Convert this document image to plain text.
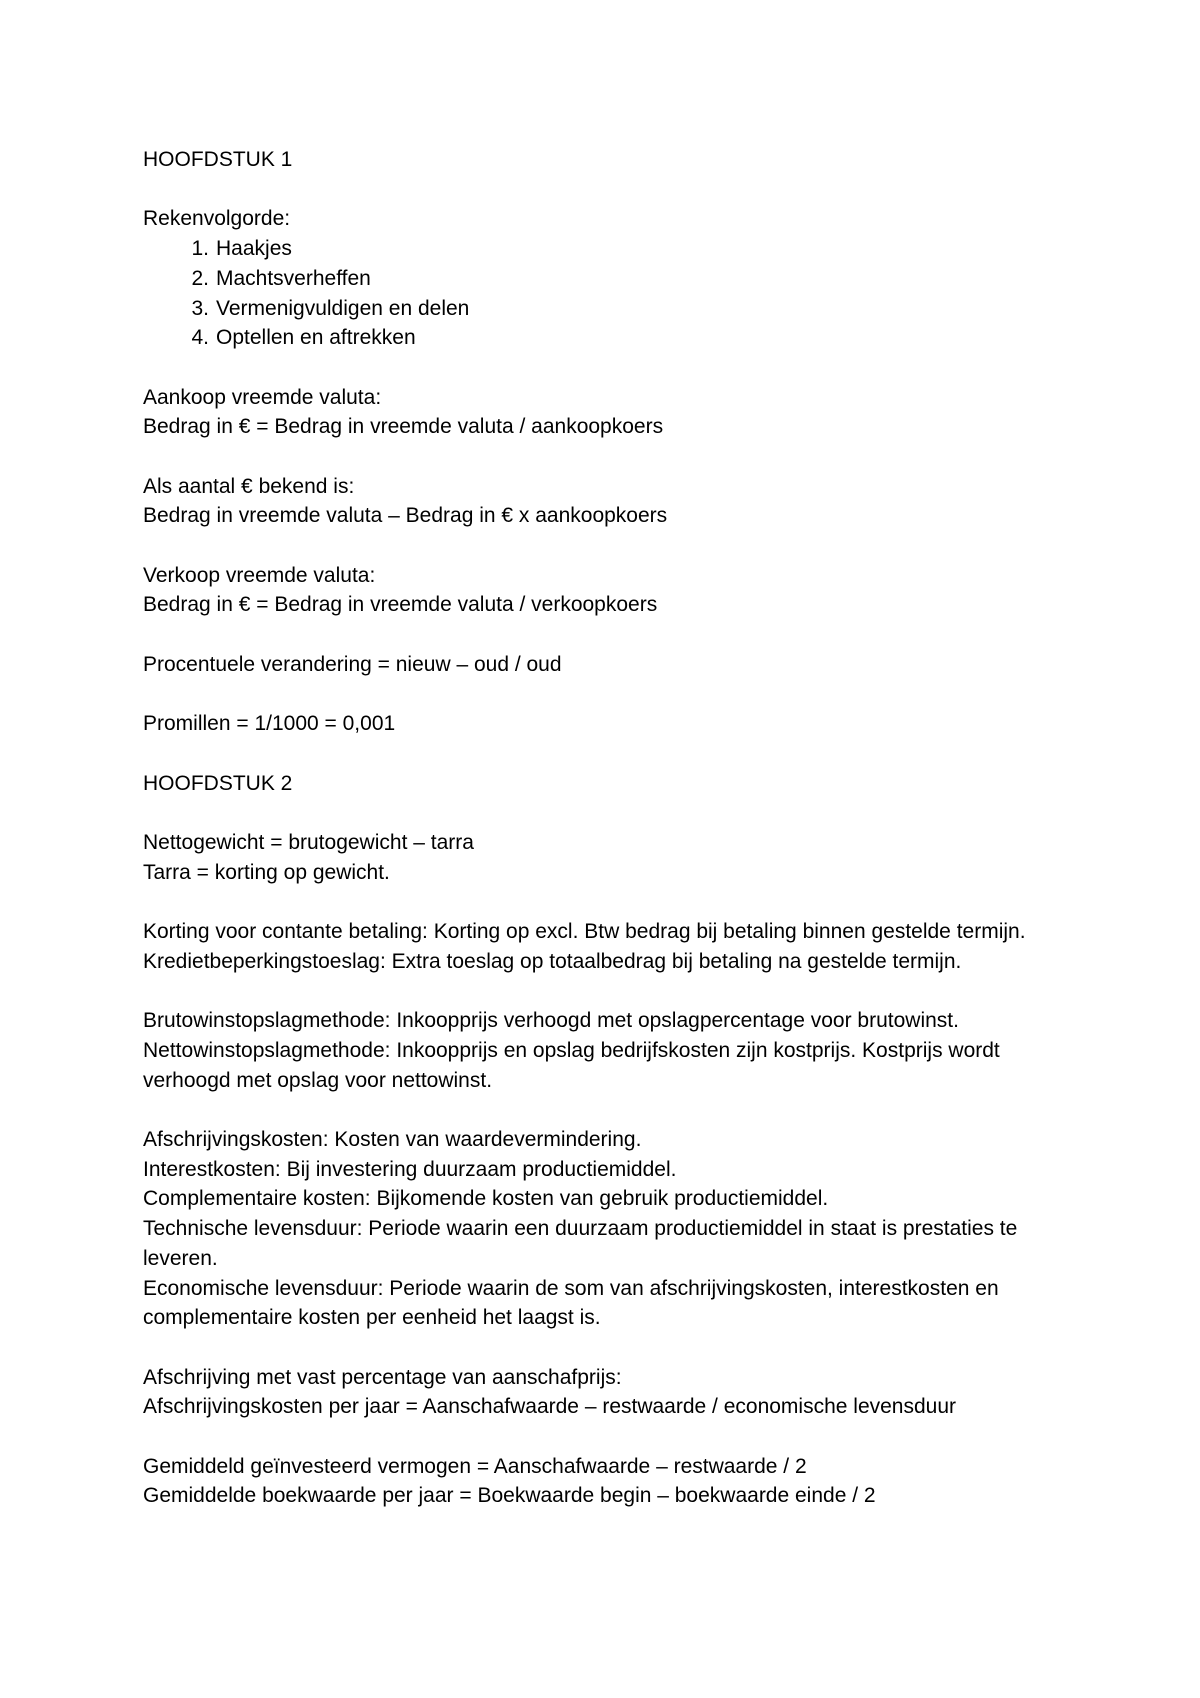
HOOFDSTUK 1

Rekenvolgorde:

1. Haakjes
2. Machtsverheffen
3. Vermenigvuldigen en delen
4. Optellen en aftrekken

Aankoop vreemde valuta:

Bedrag in € = Bedrag in vreemde valuta / aankoopkoers

Als aantal € bekend is:

Bedrag in vreemde valuta – Bedrag in € x aankoopkoers

Verkoop vreemde valuta:

Bedrag in € = Bedrag in vreemde valuta / verkoopkoers

Procentuele verandering = nieuw – oud / oud

Promillen = 1/1000 = 0,001

HOOFDSTUK 2

Nettogewicht = brutogewicht – tarra

Tarra = korting op gewicht.

Korting voor contante betaling: Korting op excl. Btw bedrag bij betaling binnen gestelde termijn.

Kredietbeperkingstoeslag: Extra toeslag op totaalbedrag bij betaling na gestelde termijn.

Brutowinstopslagmethode: Inkoopprijs verhoogd met opslagpercentage voor brutowinst.

Nettowinstopslagmethode: Inkoopprijs en opslag bedrijfskosten zijn kostprijs. Kostprijs wordt verhoogd met opslag voor nettowinst.

Afschrijvingskosten: Kosten van waardevermindering.

Interestkosten: Bij investering duurzaam productiemiddel.

Complementaire kosten: Bijkomende kosten van gebruik productiemiddel.

Technische levensduur: Periode waarin een duurzaam productiemiddel in staat is prestaties te leveren.

Economische levensduur: Periode waarin de som van afschrijvingskosten, interestkosten en complementaire kosten per eenheid het laagst is.

Afschrijving met vast percentage van aanschafprijs:

Afschrijvingskosten per jaar = Aanschafwaarde – restwaarde / economische levensduur

Gemiddeld geïnvesteerd vermogen = Aanschafwaarde – restwaarde / 2

Gemiddelde boekwaarde per jaar = Boekwaarde begin – boekwaarde einde / 2
